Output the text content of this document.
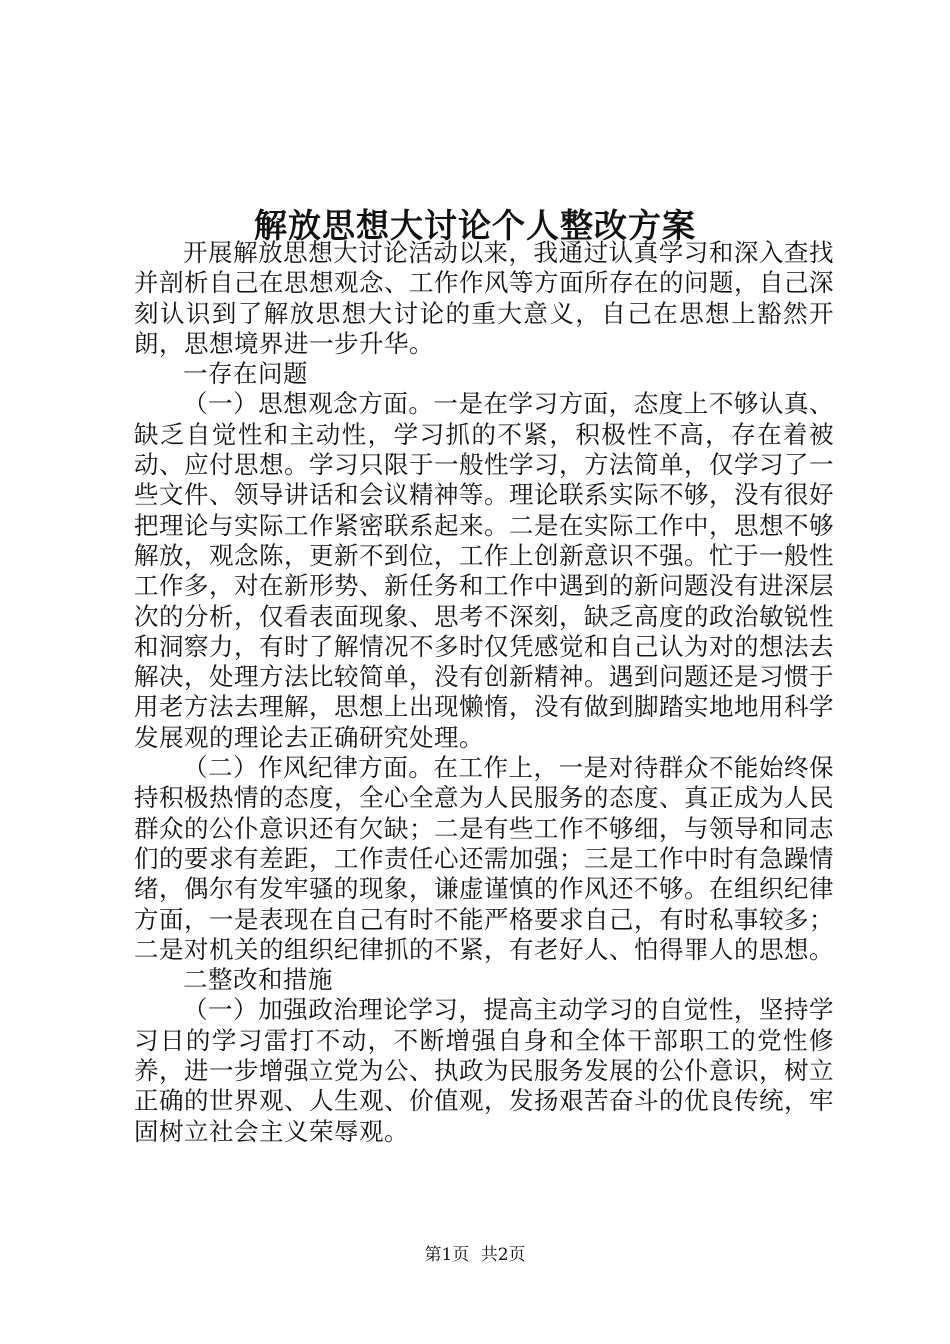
解放思想大讨论个人整改方案

开展解放思想大讨论活动以来，我通过认真学习和深入查找并剖析自己在思想观念、工作作风等方面所存在的问题，自己深刻认识到了解放思想大讨论的重大意义，自己在思想上豁然开朗，思想境界进一步升华。

一存在问题

（一）思想观念方面。一是在学习方面，态度上不够认真、缺乏自觉性和主动性，学习抓的不紧，积极性不高，存在着被动、应付思想。学习只限于一般性学习，方法简单，仅学习了一些文件、领导讲话和会议精神等。理论联系实际不够，没有很好把理论与实际工作紧密联系起来。二是在实际工作中，思想不够解放，观念陈，更新不到位，工作上创新意识不强。忙于一般性工作多，对在新形势、新任务和工作中遇到的新问题没有进深层次的分析，仅看表面现象、思考不深刻，缺乏高度的政治敏锐性和洞察力，有时了解情况不多时仅凭感觉和自己认为对的想法去解决，处理方法比较简单，没有创新精神。遇到问题还是习惯于用老方法去理解，思想上出现懒惰，没有做到脚踏实地地用科学发展观的理论去正确研究处理。

（二）作风纪律方面。在工作上，一是对待群众不能始终保持积极热情的态度，全心全意为人民服务的态度、真正成为人民群众的公仆意识还有欠缺；二是有些工作不够细，与领导和同志们的要求有差距，工作责任心还需加强；三是工作中时有急躁情绪，偶尔有发牢骚的现象，谦虚谨慎的作风还不够。在组织纪律方面，一是表现在自己有时不能严格要求自己，有时私事较多；二是对机关的组织纪律抓的不紧，有老好人、怕得罪人的思想。

二整改和措施

（一）加强政治理论学习，提高主动学习的自觉性，坚持学习日的学习雷打不动，不断增强自身和全体干部职工的党性修养，进一步增强立党为公、执政为民服务发展的公仆意识，树立正确的世界观、人生观、价值观，发扬艰苦奋斗的优良传统，牢固树立社会主义荣辱观。

第1页 共2页
